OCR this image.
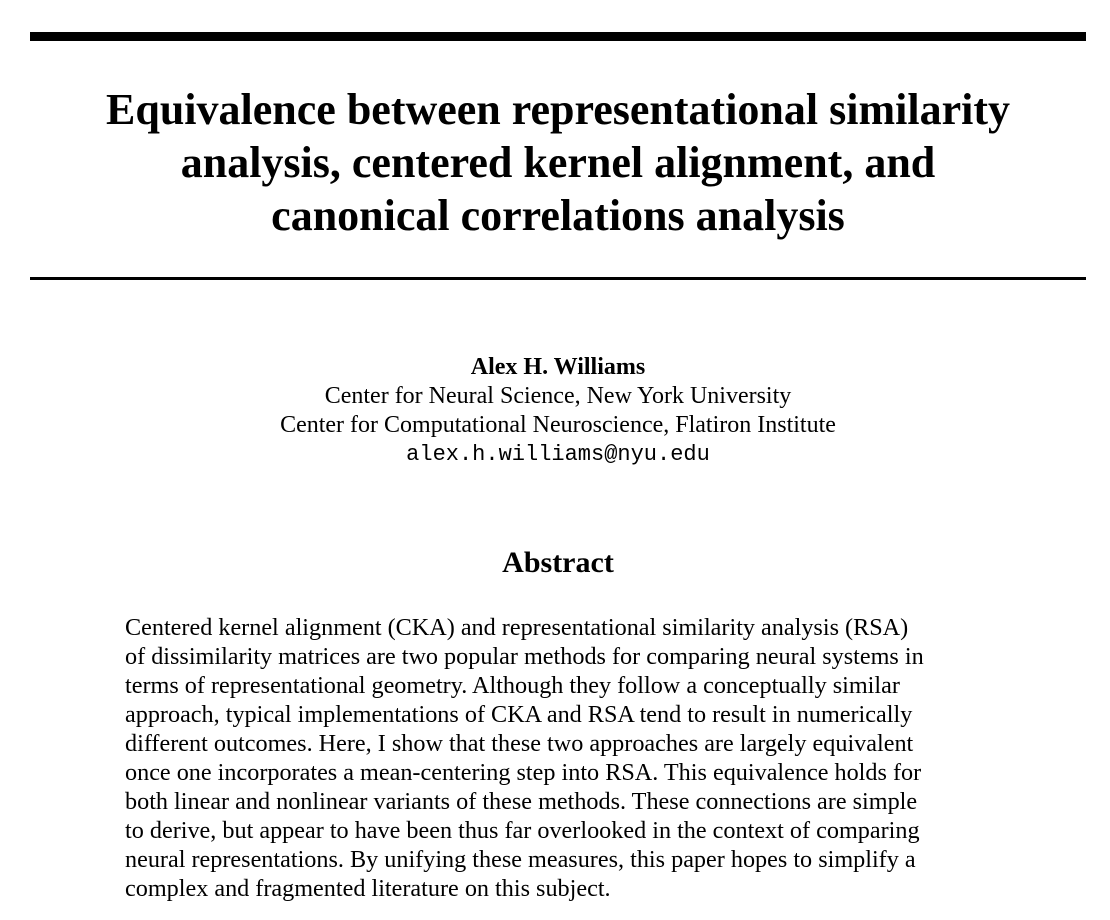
Equivalence between representational similarity
analysis, centered kernel alignment, and
canonical correlations analysis
Alex H. Williams
Center for Neural Science, New York University
Center for Computational Neuroscience, Flatiron Institute
alex.h.williams@nyu.edu
Abstract
Centered kernel alignment (CKA) and representational similarity analysis (RSA)
of dissimilarity matrices are two popular methods for comparing neural systems in
terms of representational geometry. Although they follow a conceptually similar
approach, typical implementations of CKA and RSA tend to result in numerically
different outcomes. Here, I show that these two approaches are largely equivalent
once one incorporates a mean-centering step into RSA. This equivalence holds for
both linear and nonlinear variants of these methods. These connections are simple
to derive, but appear to have been thus far overlooked in the context of comparing
neural representations. By unifying these measures, this paper hopes to simplify a
complex and fragmented literature on this subject.
